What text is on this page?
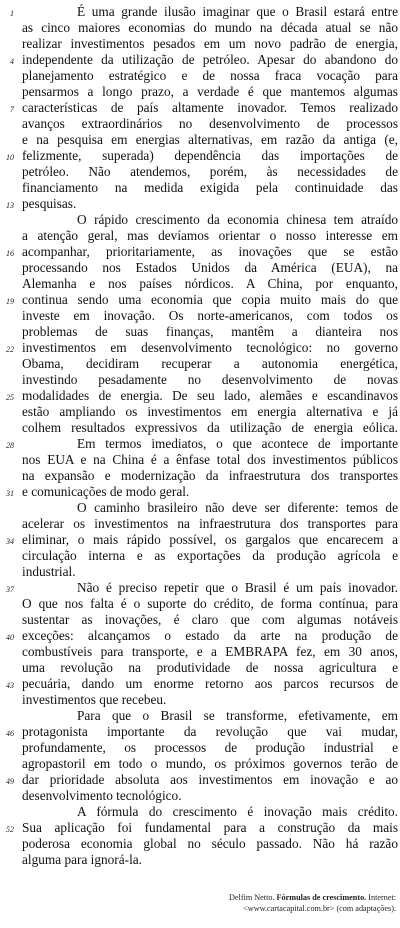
É uma grande ilusão imaginar que o Brasil estará entre
as cinco maiores economias do mundo na década atual se não
realizar investimentos pesados em um novo padrão de energia,
independente da utilização de petróleo. Apesar do abandono do
planejamento estratégico e de nossa fraca vocação para
pensarmos a longo prazo, a verdade é que mantemos algumas
características de país altamente inovador. Temos realizado
avanços extraordinários no desenvolvimento de processos
e na pesquisa em energias alternativas, em razão da antiga (e,
felizmente, superada) dependência das importações de
petróleo. Não atendemos, porém, às necessidades de
financiamento na medida exigida pela continuidade das
pesquisas.
O rápido crescimento da economia chinesa tem atraído
a atenção geral, mas devíamos orientar o nosso interesse em
acompanhar, prioritariamente, as inovações que se estão
processando nos Estados Unidos da América (EUA), na
Alemanha e nos países nórdicos. A China, por enquanto,
continua sendo uma economia que copia muito mais do que
investe em inovação. Os norte-americanos, com todos os
problemas de suas finanças, mantêm a dianteira nos
investimentos em desenvolvimento tecnológico: no governo
Obama, decidiram recuperar a autonomia energética,
investindo pesadamente no desenvolvimento de novas
modalidades de energia. De seu lado, alemães e escandinavos
estão ampliando os investimentos em energia alternativa e já
colhem resultados expressivos da utilização de energia eólica.
Em termos imediatos, o que acontece de importante
nos EUA e na China é a ênfase total dos investimentos públicos
na expansão e modernização da infraestrutura dos transportes
e comunicações de modo geral.
O caminho brasileiro não deve ser diferente: temos de
acelerar os investimentos na infraestrutura dos transportes para
eliminar, o mais rápido possível, os gargalos que encarecem a
circulação interna e as exportações da produção agrícola e
industrial.
Não é preciso repetir que o Brasil é um país inovador.
O que nos falta é o suporte do crédito, de forma contínua, para
sustentar as inovações, é claro que com algumas notáveis
exceções: alcançamos o estado da arte na produção de
combustíveis para transporte, e a EMBRAPA fez, em 30 anos,
uma revolução na produtividade de nossa agricultura e
pecuária, dando um enorme retorno aos parcos recursos de
investimentos que recebeu.
Para que o Brasil se transforme, efetivamente, em
protagonista importante da revolução que vai mudar,
profundamente, os processos de produção industrial e
agropastoril em todo o mundo, os próximos governos terão de
dar prioridade absoluta aos investimentos em inovação e ao
desenvolvimento tecnológico.
A fórmula do crescimento é inovação mais crédito.
Sua aplicação foi fundamental para a construção da mais
poderosa economia global no século passado. Não há razão
alguma para ignorá-la.
1
4
7
10
13
16
19
22
25
28
31
34
37
40
43
46
49
52
Delfim Netto. Fórmulas de crescimento. Internet:
<www.cartacapital.com.br> (com adaptações).
